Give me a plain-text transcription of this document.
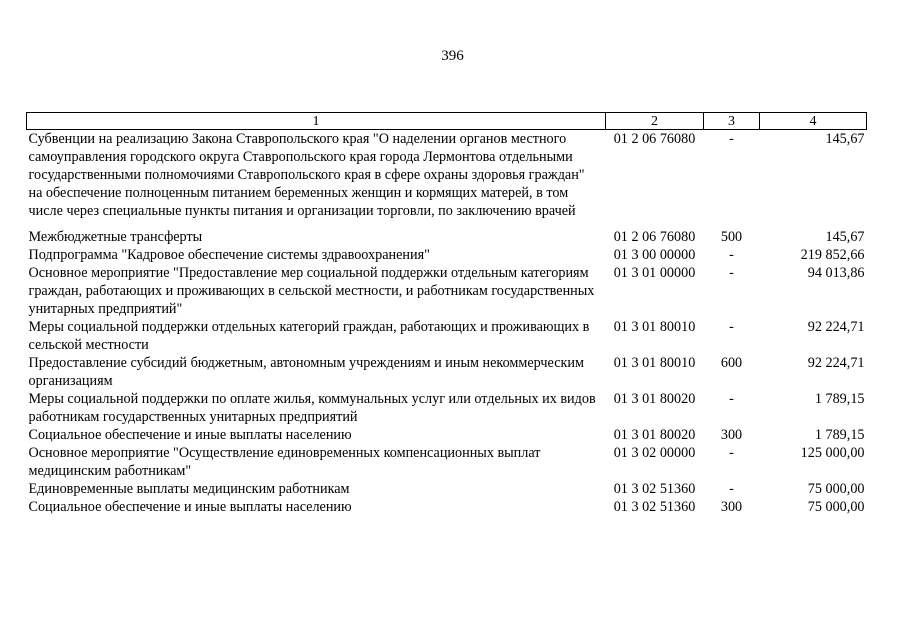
396
1	2	3	4
Субвенции на реализацию Закона Ставропольского края "О наделении органов местного самоуправления городского округа Ставропольского края города Лермонтова отдельными государственными полномочиями Ставропольского края в сфере охраны здоровья граждан" на обеспечение полноценным питанием беременных женщин и кормящих матерей, в том числе через специальные пункты питания и организации торговли, по заключению врачей	01 2 06 76080	-	145,67
Межбюджетные трансферты	01 2 06 76080	500	145,67
Подпрограмма "Кадровое обеспечение системы здравоохранения"	01 3 00 00000	-	219 852,66
Основное мероприятие "Предоставление мер социальной поддержки отдельным категориям граждан, работающих и проживающих в сельской местности, и работникам государственных унитарных предприятий"	01 3 01 00000	-	94 013,86
Меры социальной поддержки отдельных категорий граждан, работающих и проживающих в сельской местности	01 3 01 80010	-	92 224,71
Предоставление субсидий бюджетным, автономным учреждениям и иным некоммерческим организациям	01 3 01 80010	600	92 224,71
Меры социальной поддержки по оплате жилья, коммунальных услуг или отдельных их видов работникам государственных унитарных предприятий	01 3 01 80020	-	1 789,15
Социальное обеспечение и иные выплаты населению	01 3 01 80020	300	1 789,15
Основное мероприятие "Осуществление единовременных компенсационных выплат медицинским работникам"	01 3 02 00000	-	125 000,00
Единовременные выплаты медицинским работникам	01 3 02 51360	-	75 000,00
Социальное обеспечение и иные выплаты населению	01 3 02 51360	300	75 000,00
